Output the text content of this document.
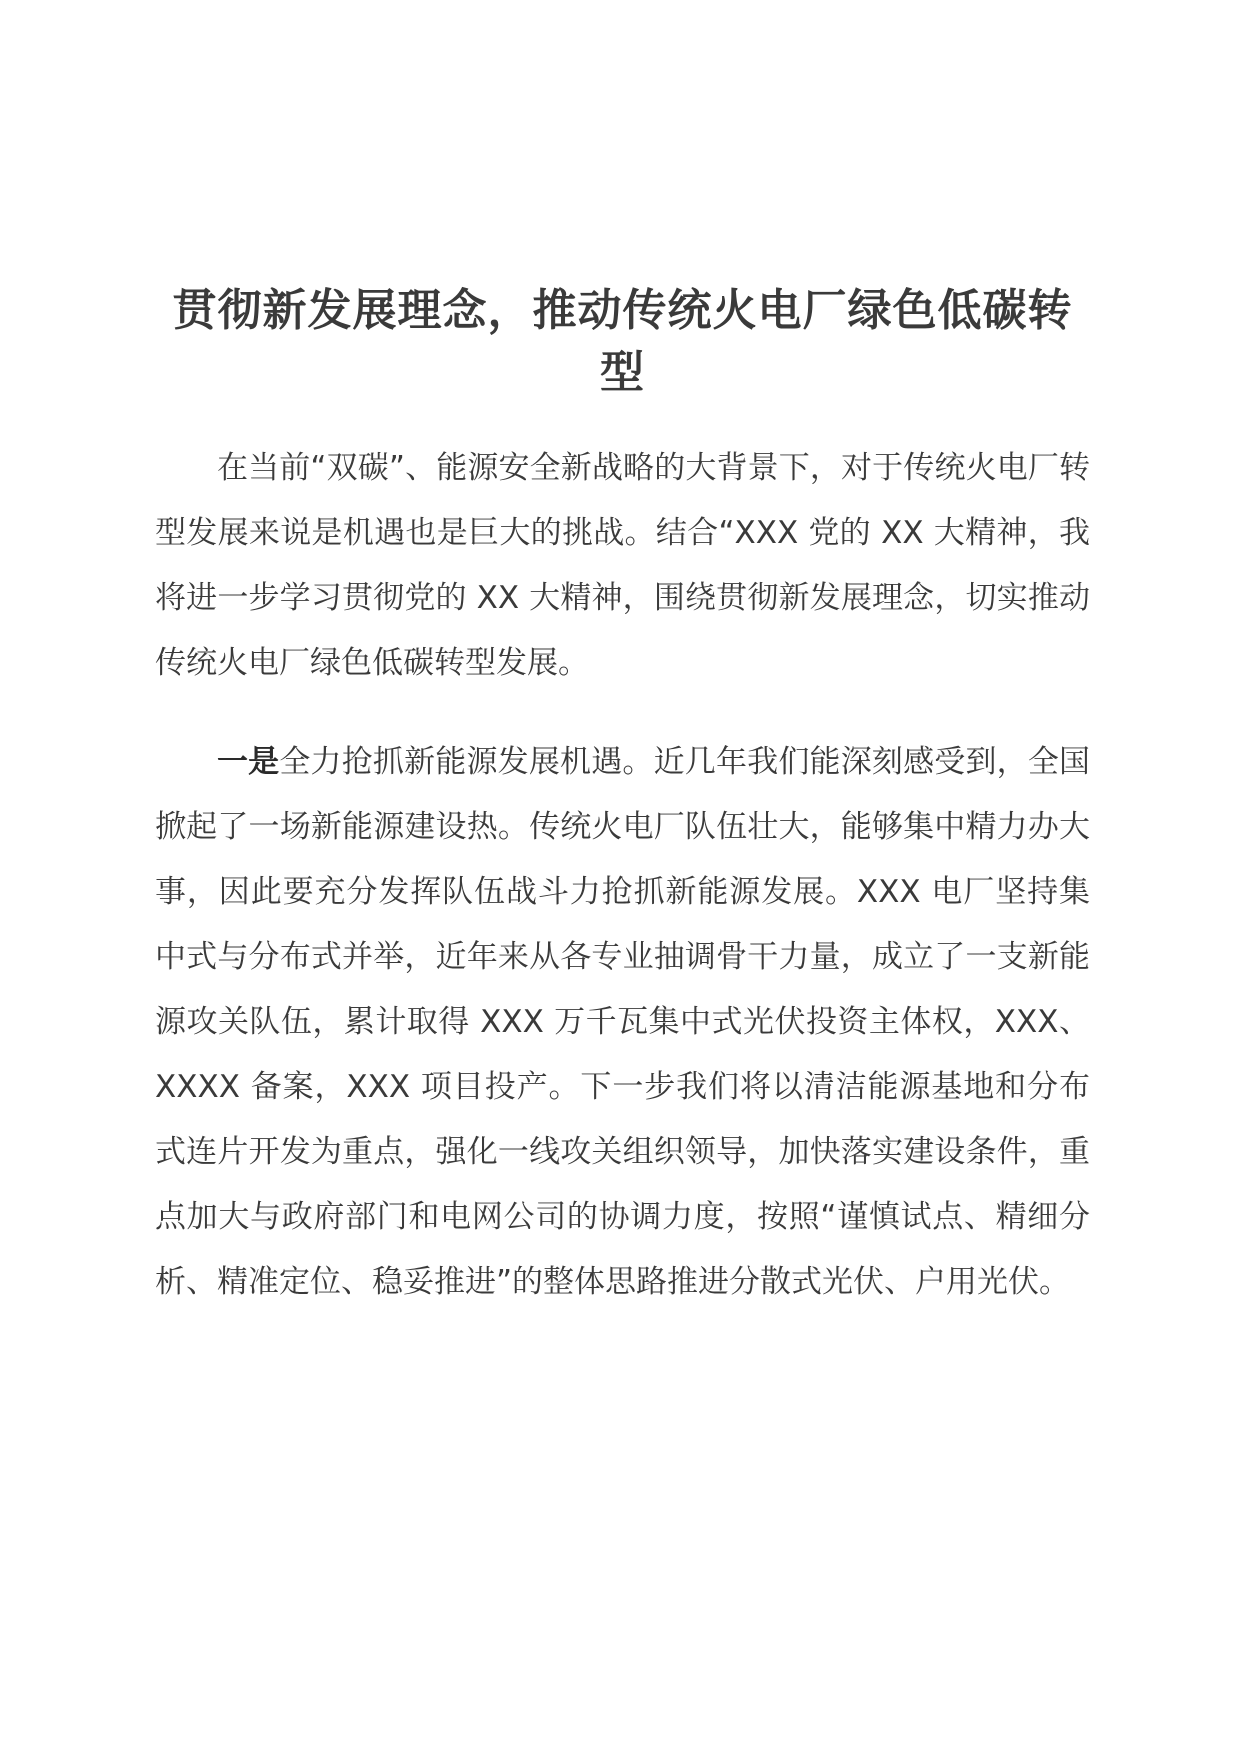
贯彻新发展理念，推动传统火电厂绿色低碳转型

在当前“双碳”、能源安全新战略的大背景下，对于传统火电厂转型发展来说是机遇也是巨大的挑战。结合“XXX 党的 XX 大精神，我将进一步学习贯彻党的 XX 大精神，围绕贯彻新发展理念，切实推动传统火电厂绿色低碳转型发展。

一是全力抢抓新能源发展机遇。近几年我们能深刻感受到，全国掀起了一场新能源建设热。传统火电厂队伍壮大，能够集中精力办大事，因此要充分发挥队伍战斗力抢抓新能源发展。XXX 电厂坚持集中式与分布式并举，近年来从各专业抽调骨干力量，成立了一支新能源攻关队伍，累计取得 XXX 万千瓦集中式光伏投资主体权，XXX、XXXX 备案，XXX 项目投产。下一步我们将以清洁能源基地和分布式连片开发为重点，强化一线攻关组织领导，加快落实建设条件，重点加大与政府部门和电网公司的协调力度，按照“谨慎试点、精细分析、精准定位、稳妥推进”的整体思路推进分散式光伏、户用光伏。
